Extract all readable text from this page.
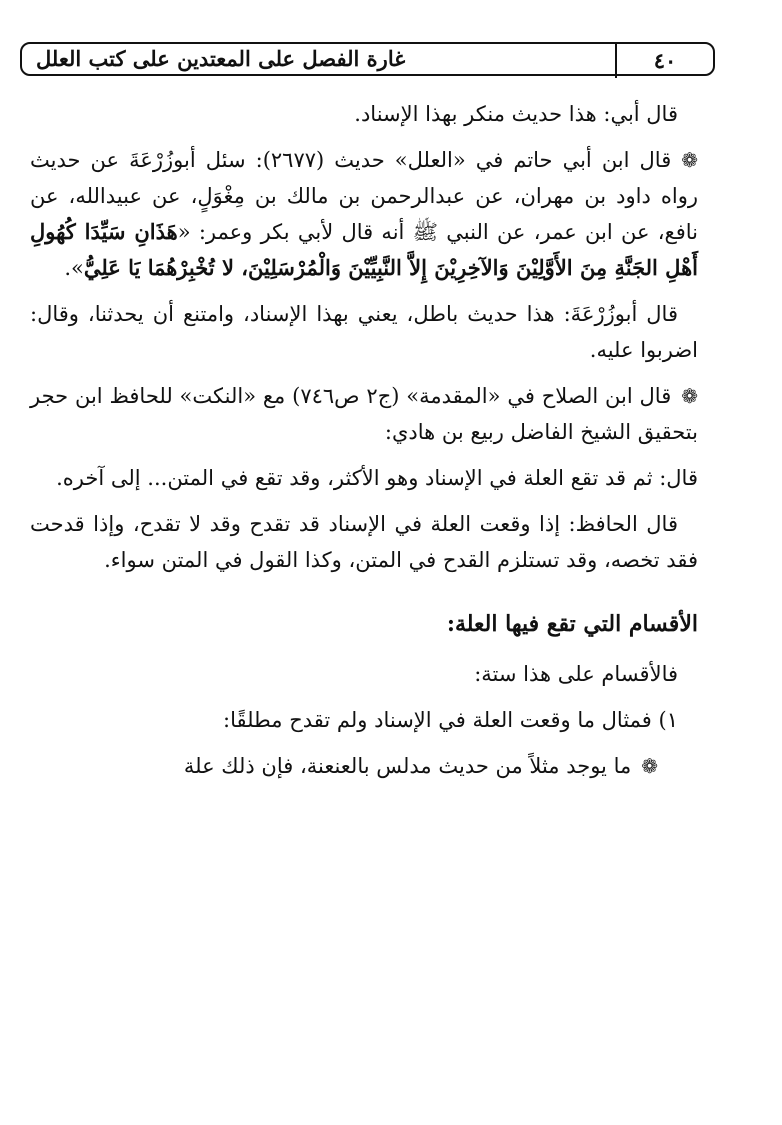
غارة الفصل على المعتدين على كتب العلل	٤٠

قال أبي: هذا حديث منكر بهذا الإسناد.

❁قال ابن أبي حاتم في «العلل» حديث (٢٦٧٧): سئل أبوزُرْعَةَ عن حديث رواه داود بن مهران، عن عبدالرحمن بن مالك بن مِغْوَلٍ، عن عبيدالله، عن نافع، عن ابن عمر، عن النبي ﷺ أنه قال لأبي بكر وعمر: «هَذَانِ سَيِّدَا كُهُولِ أَهْلِ الجَنَّةِ مِنَ الأَوَّلِيْنَ وَالآخِرِيْنَ إِلاَّ النَّبِيِّيْنَ وَالْمُرْسَلِيْنَ، لا تُخْبِرْهُمَا يَا عَلِيُّ».

قال أبوزُرْعَةَ: هذا حديث باطل، يعني بهذا الإسناد، وامتنع أن يحدثنا، وقال: اضربوا عليه.

❁قال ابن الصلاح في «المقدمة» (ج٢ ص٧٤٦) مع «النكت» للحافظ ابن حجر بتحقيق الشيخ الفاضل ربيع بن هادي:

قال: ثم قد تقع العلة في الإسناد وهو الأكثر، وقد تقع في المتن... إلى آخره.

قال الحافظ: إذا وقعت العلة في الإسناد قد تقدح وقد لا تقدح، وإذا قدحت فقد تخصه، وقد تستلزم القدح في المتن، وكذا القول في المتن سواء.

الأقسام التي تقع فيها العلة:

فالأقسام على هذا ستة:

١) فمثال ما وقعت العلة في الإسناد ولم تقدح مطلقًا:

❁ما يوجد مثلاً من حديث مدلس بالعنعنة، فإن ذلك علة
